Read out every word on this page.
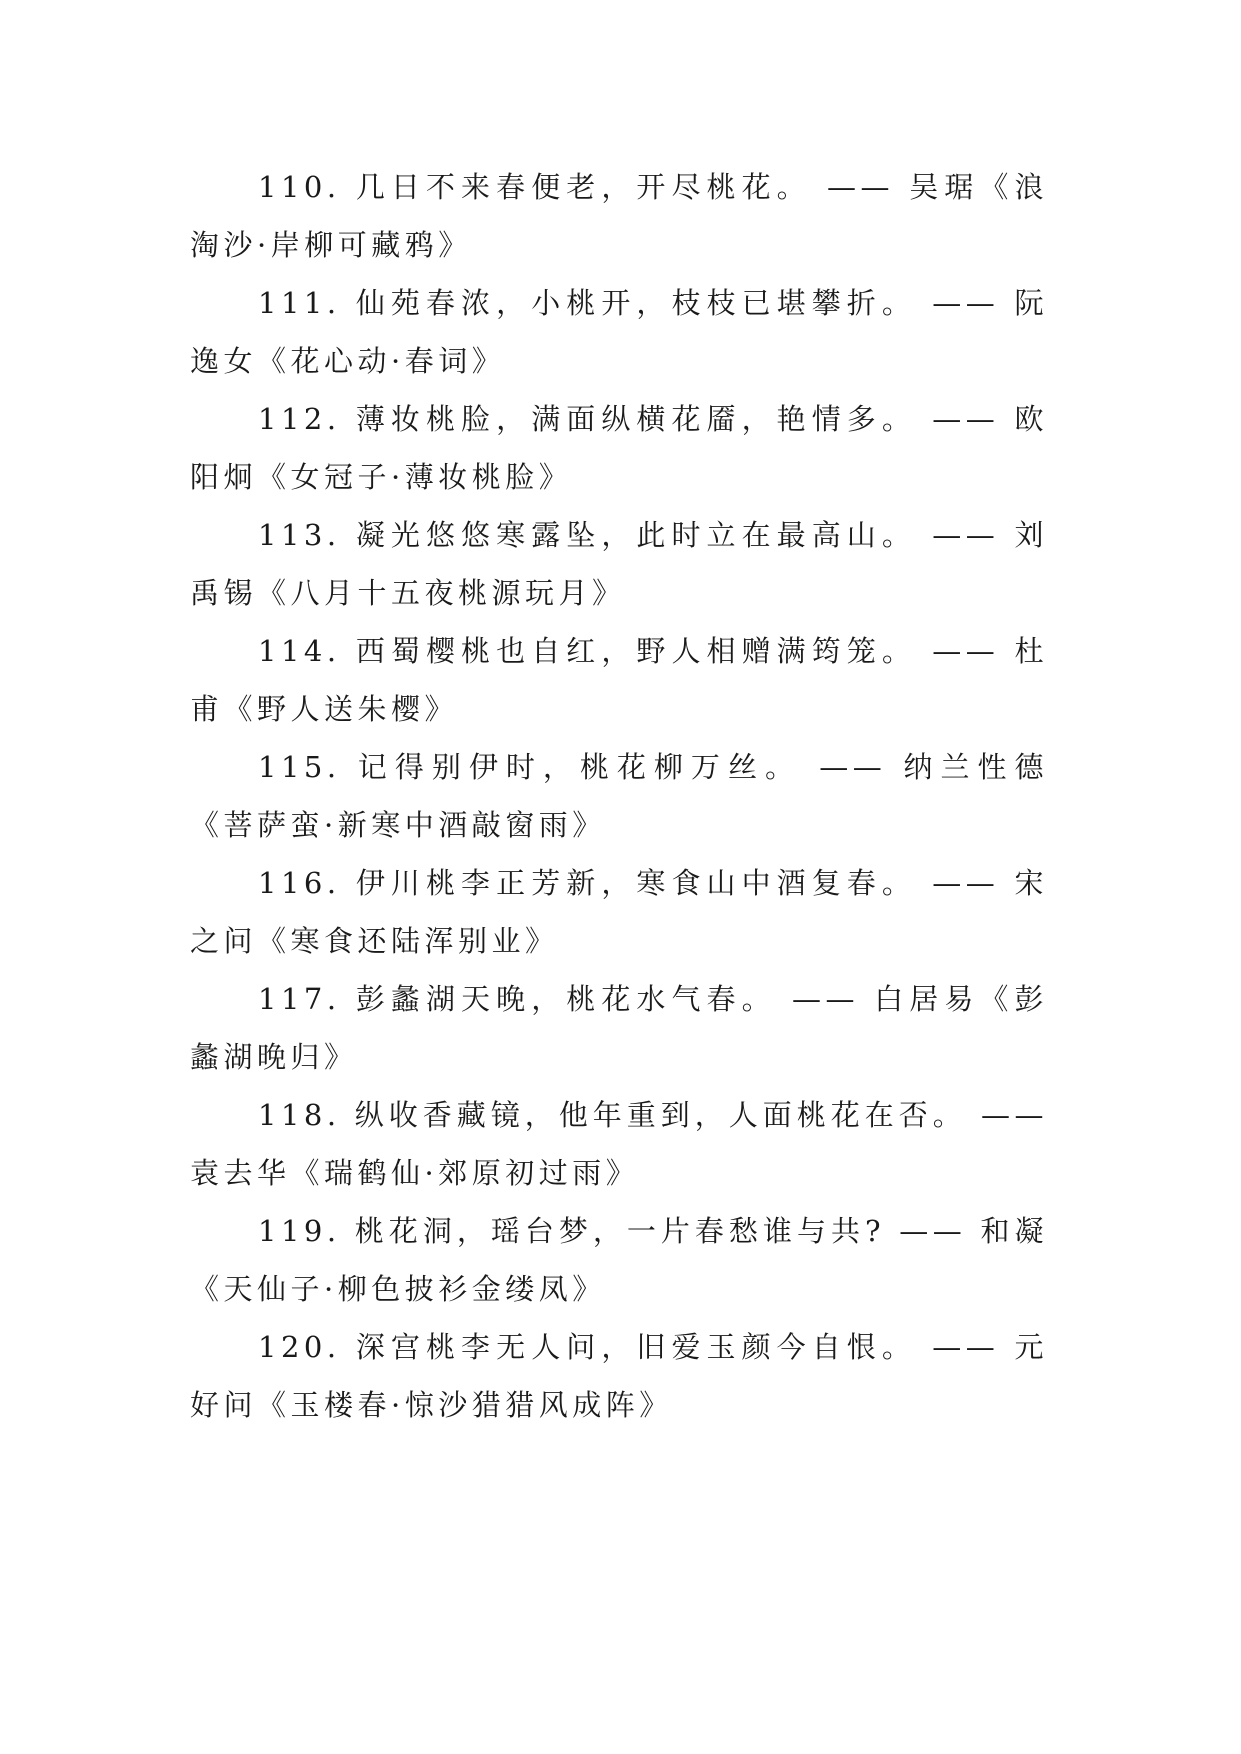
110. 几日不来春便老，开尽桃花。 —— 吴琚《浪淘沙·岸柳可藏鸦》

111. 仙苑春浓，小桃开，枝枝已堪攀折。 —— 阮逸女《花心动·春词》

112. 薄妆桃脸，满面纵横花靥，艳情多。 —— 欧阳炯《女冠子·薄妆桃脸》

113. 凝光悠悠寒露坠，此时立在最高山。 —— 刘禹锡《八月十五夜桃源玩月》

114. 西蜀樱桃也自红，野人相赠满筠笼。 —— 杜甫《野人送朱樱》

115. 记得别伊时，桃花柳万丝。 —— 纳兰性德《菩萨蛮·新寒中酒敲窗雨》

116. 伊川桃李正芳新，寒食山中酒复春。 —— 宋之问《寒食还陆浑别业》

117. 彭蠡湖天晚，桃花水气春。 —— 白居易《彭蠡湖晚归》

118. 纵收香藏镜，他年重到，人面桃花在否。 —— 袁去华《瑞鹤仙·郊原初过雨》

119. 桃花洞，瑶台梦，一片春愁谁与共? —— 和凝《天仙子·柳色披衫金缕凤》

120. 深宫桃李无人问，旧爱玉颜今自恨。 —— 元好问《玉楼春·惊沙猎猎风成阵》
